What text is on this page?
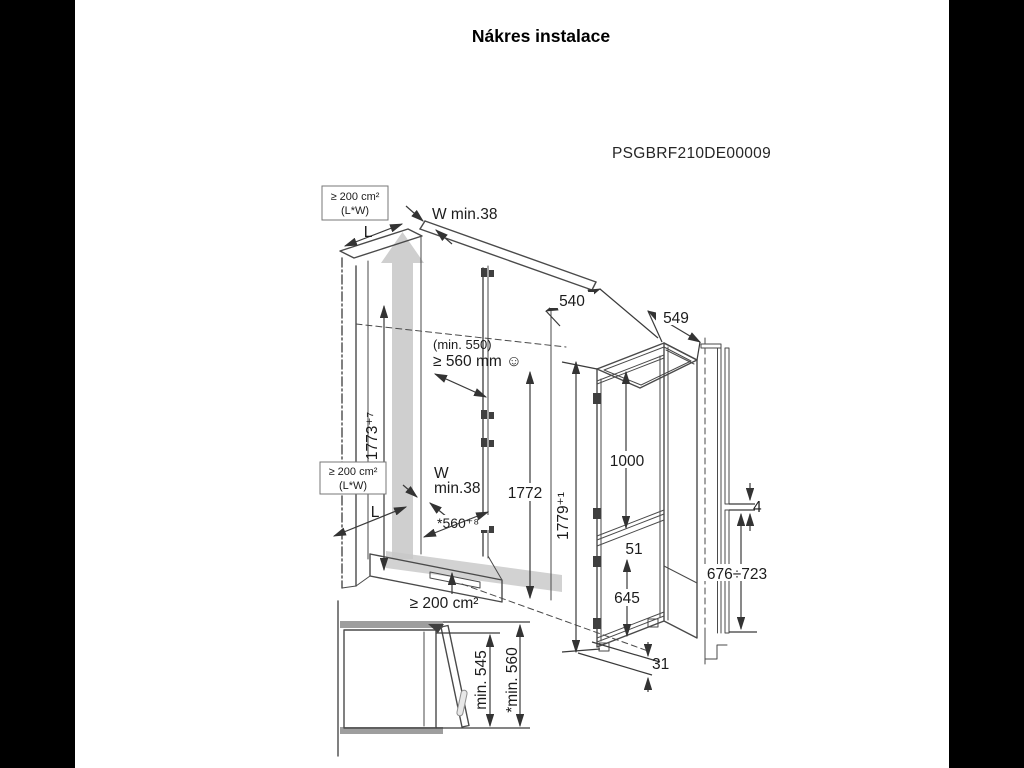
Nákres instalace
PSGBRF210DE00009
≥ 200 cm²
(L*W)
L
W min.38
540
549
(min. 550)
≥ 560 mm ☺
1773⁺⁷
≥ 200 cm²
(L*W)
W
min.38
L
*560⁺⁸
1772
≥ 200 cm²
1779⁺¹
1000
51
645
31
4
676÷723
min. 545 *min. 560
